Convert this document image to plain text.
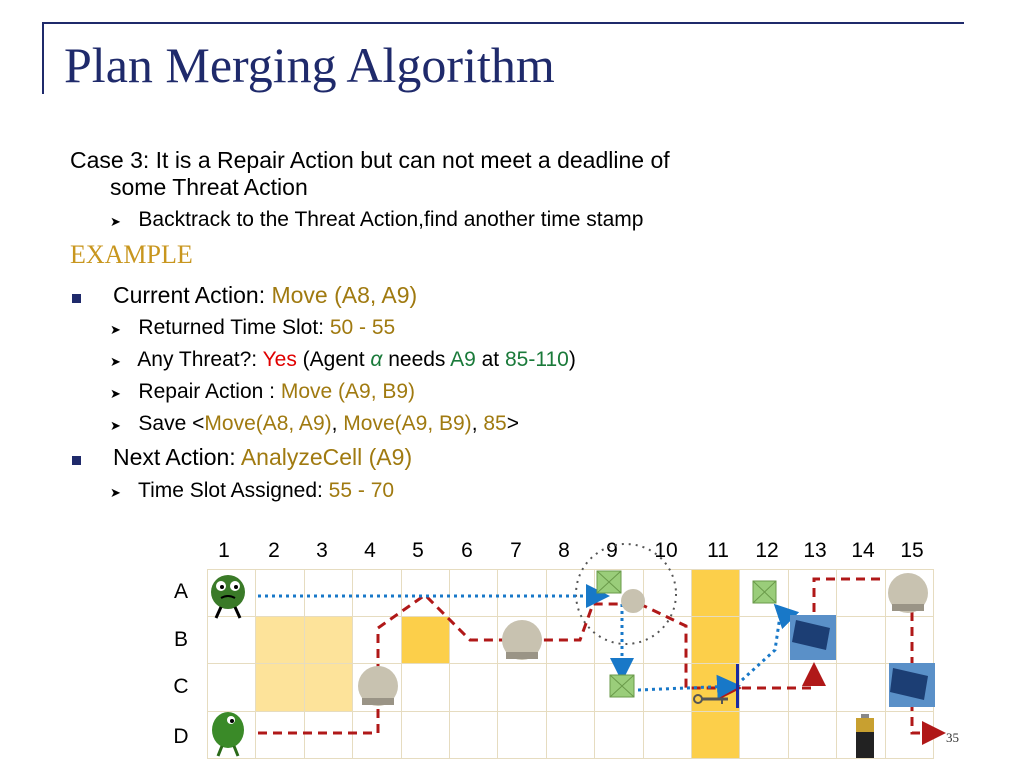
Plan Merging Algorithm
Case 3: It is a Repair Action but can not meet a deadline of
some Threat Action
➤ Backtrack to the Threat Action,find another time stamp
EXAMPLE
Current Action: Move (A8, A9)
➤ Returned Time Slot: 50 - 55
➤ Any Threat?: Yes (Agent α needs A9 at 85-110)
➤ Repair Action : Move (A9, B9)
➤ Save <Move(A8, A9), Move(A9, B9), 85>
Next Action: AnalyzeCell (A9)
➤ Time Slot Assigned: 55 - 70
1	2	3	4	5	6	7	8	9	10	11	12	13	14	15
A
B
C
D	35
